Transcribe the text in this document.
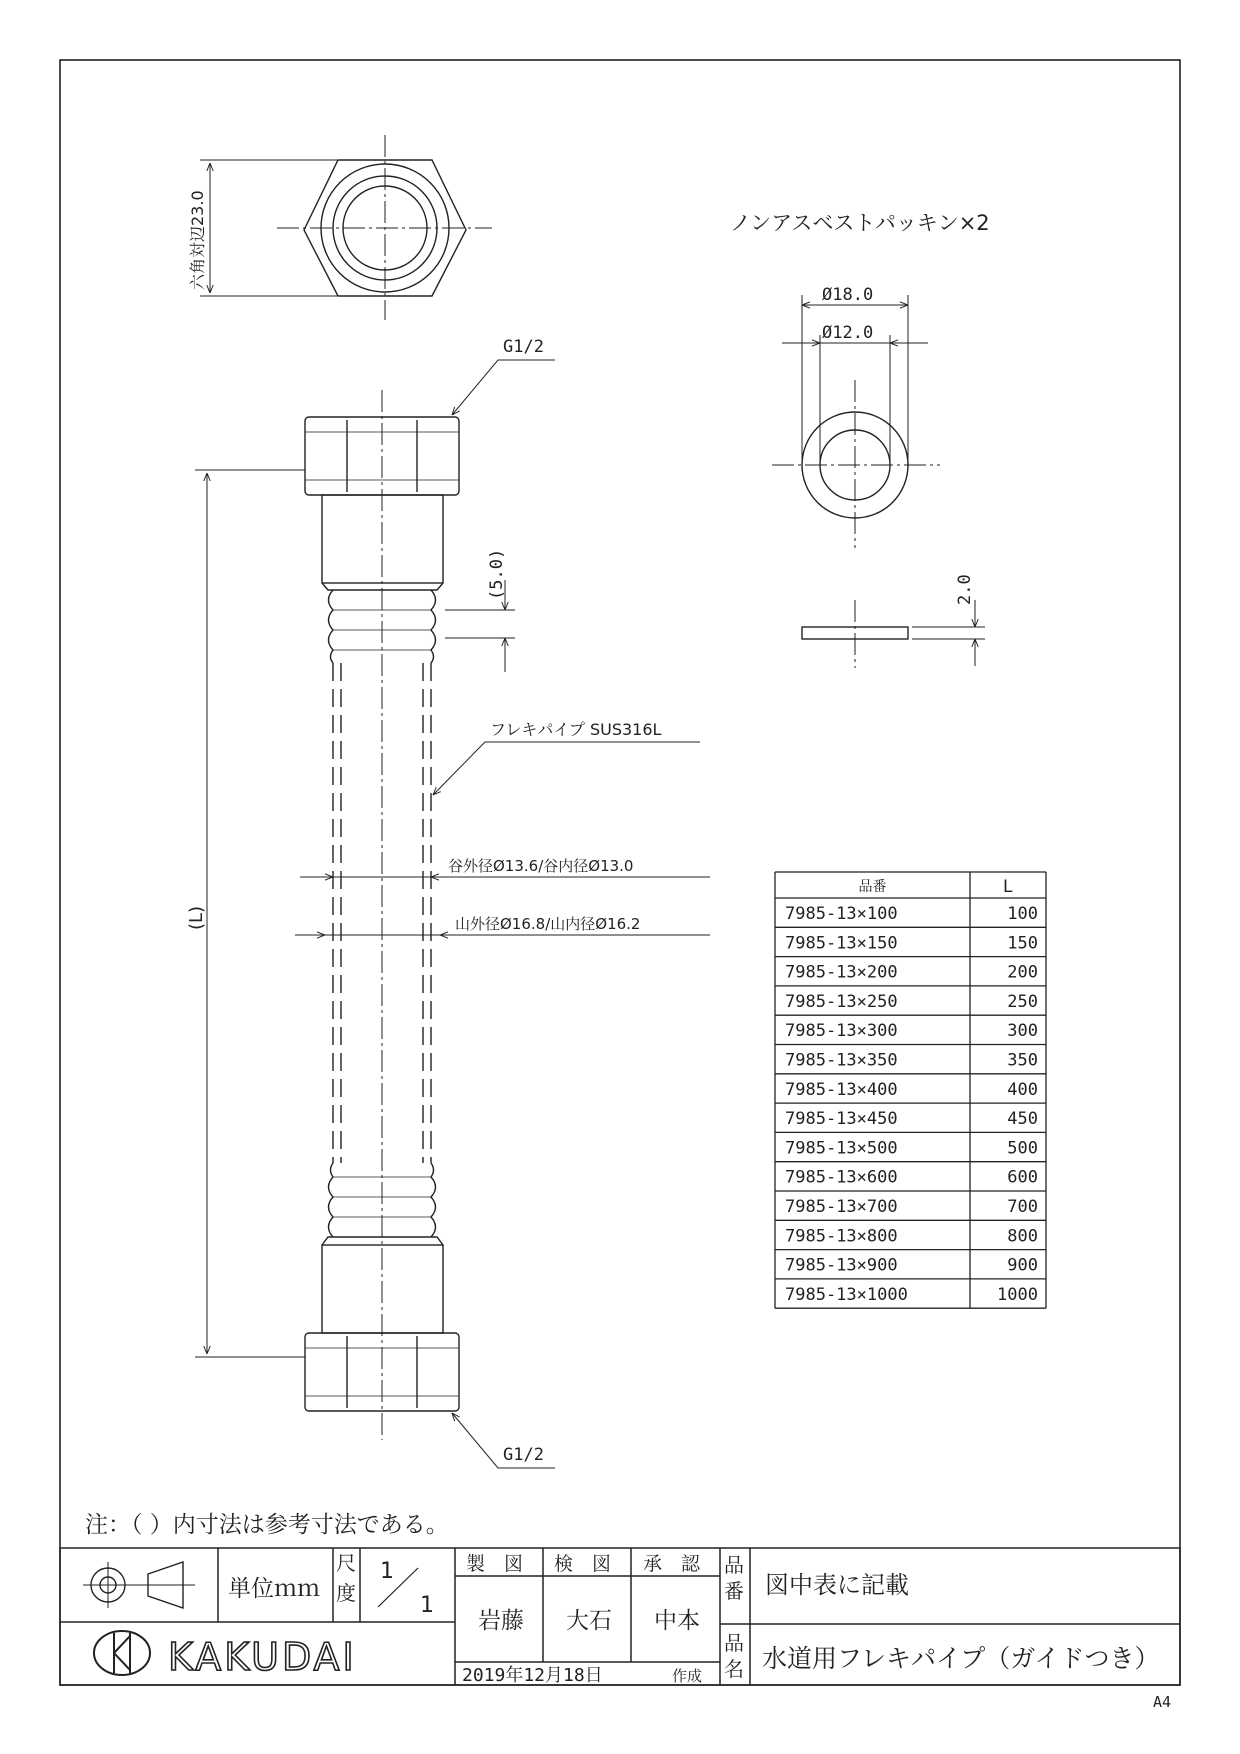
六角対辺23.0	ノンアスベストパッキン×2
Ø18.0
Ø12.0
2.0
(L)
(5.0)
G1/2
G1/2
フレキパイプ SUS316L
谷外径Ø13.6/谷内径Ø13.0
山外径Ø16.8/山内径Ø16.2
品番	L
7985-13×100	100
7985-13×150	150
7985-13×200	200
7985-13×250	250
7985-13×300	300
7985-13×350	350
7985-13×400	400
7985-13×450	450
7985-13×500	500
7985-13×600	600
7985-13×700	700
7985-13×800	800
7985-13×900	900
7985-13×1000	1000
注：（ ）内寸法は参考寸法である。
KAKUDAI
単位ｍｍ
尺
度
1
1
製　図 検　図 承　認
岩藤 大石 中本
2019年12月18日	作成
品
番
品
名
図中表に記載
水道用フレキパイプ（ガイドつき）
A4
